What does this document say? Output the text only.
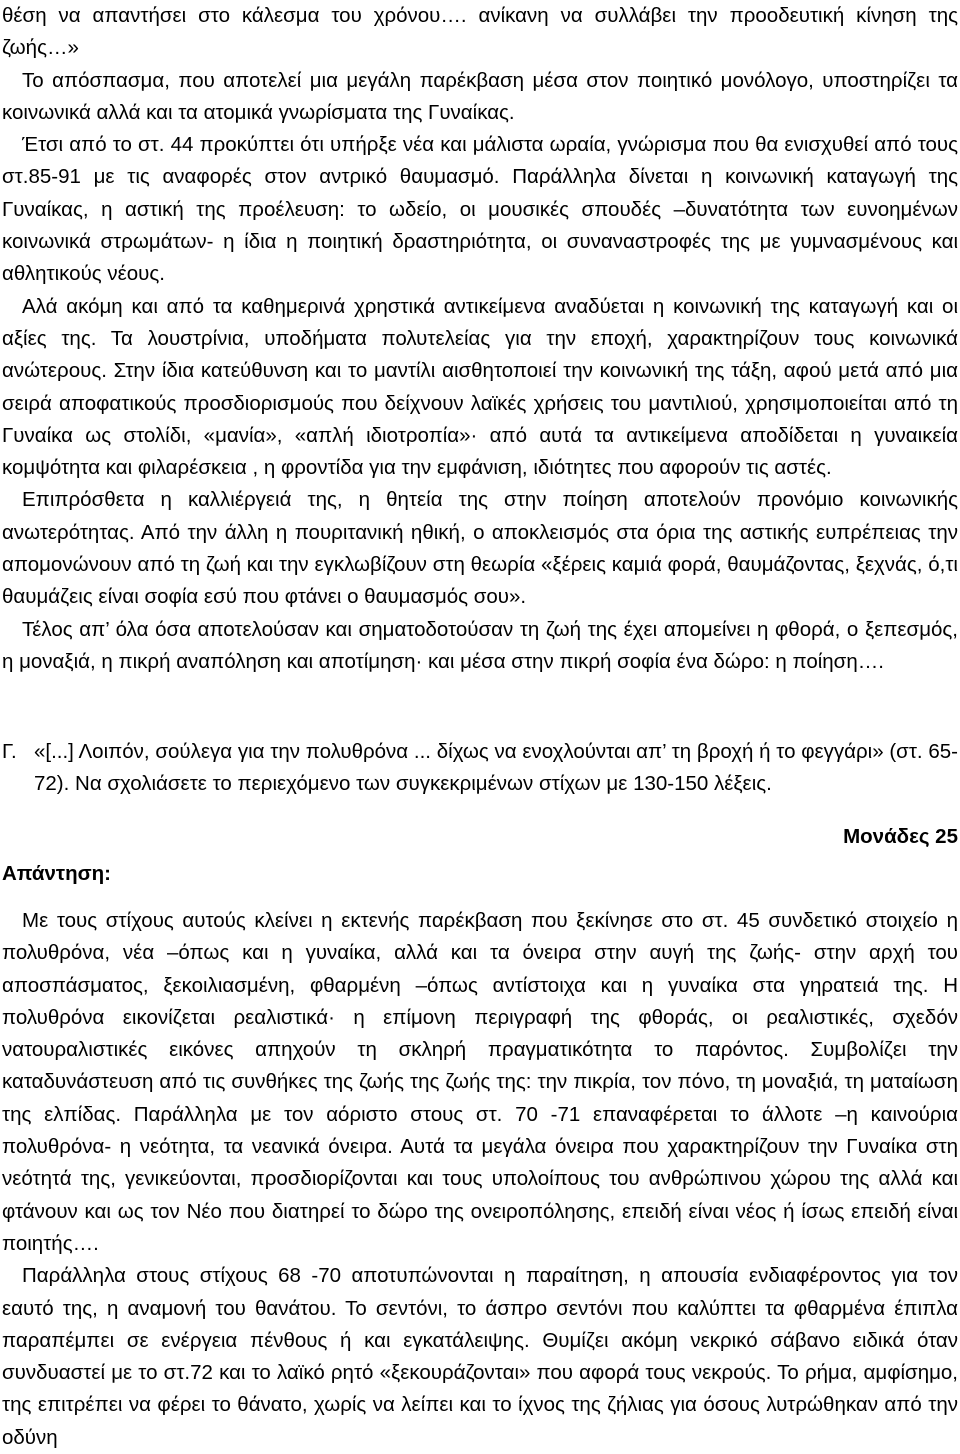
θέση να απαντήσει στο κάλεσμα του χρόνου…. ανίκανη να συλλάβει την προοδευτική κίνηση της ζωής…»

Το απόσπασμα, που αποτελεί μια μεγάλη παρέκβαση μέσα στον ποιητικό μονόλογο, υποστηρίζει τα κοινωνικά αλλά και τα ατομικά γνωρίσματα της Γυναίκας.

Έτσι από το στ. 44 προκύπτει ότι υπήρξε νέα και μάλιστα ωραία, γνώρισμα που θα ενισχυθεί από τους στ.85-91 με τις αναφορές στον αντρικό θαυμασμό. Παράλληλα δίνεται η κοινωνική καταγωγή της Γυναίκας, η αστική της προέλευση: το ωδείο, οι μουσικές σπουδές –δυνατότητα των ευνοημένων κοινωνικά στρωμάτων- η ίδια η ποιητική δραστηριότητα, οι συναναστροφές της με γυμνασμένους και αθλητικούς νέους.

Αλά ακόμη και από τα καθημερινά χρηστικά αντικείμενα αναδύεται η κοινωνική της καταγωγή και οι αξίες της. Τα λουστρίνια, υποδήματα πολυτελείας για την εποχή, χαρακτηρίζουν τους κοινωνικά ανώτερους. Στην ίδια κατεύθυνση και το μαντίλι αισθητοποιεί την κοινωνική της τάξη, αφού μετά από μια σειρά αποφατικούς προσδιορισμούς που δείχνουν λαϊκές χρήσεις του μαντιλιού, χρησιμοποιείται από τη Γυναίκα ως στολίδι, «μανία», «απλή ιδιοτροπία»· από αυτά τα αντικείμενα αποδίδεται η γυναικεία κομψότητα και φιλαρέσκεια , η φροντίδα για την εμφάνιση, ιδιότητες που αφορούν τις αστές.

Επιπρόσθετα η καλλιέργειά της, η θητεία της στην ποίηση αποτελούν προνόμιο κοινωνικής ανωτερότητας. Από την άλλη η πουριτανική ηθική, ο αποκλεισμός στα όρια της αστικής ευπρέπειας την απομονώνουν από τη ζωή και την εγκλωβίζουν στη θεωρία «ξέρεις καμιά φορά, θαυμάζοντας, ξεχνάς, ό,τι θαυμάζεις είναι σοφία εσύ που φτάνει ο θαυμασμός σου».

Τέλος απ’ όλα όσα αποτελούσαν και σηματοδοτούσαν τη ζωή της έχει απομείνει η φθορά, ο ξεπεσμός, η μοναξιά, η πικρή αναπόληση και αποτίμηση· και μέσα στην πικρή σοφία ένα δώρο: η ποίηση….

Γ. «[...] Λοιπόν, σούλεγα για την πολυθρόνα ... δίχως να ενοχλούνται απ’ τη βροχή ή το φεγγάρι» (στ. 65-72). Να σχολιάσετε το περιεχόμενο των συγκεκριμένων στίχων με 130-150 λέξεις.

Μονάδες 25
Απάντηση:

Με τους στίχους αυτούς κλείνει η εκτενής παρέκβαση που ξεκίνησε στο στ. 45 συνδετικό στοιχείο η πολυθρόνα, νέα –όπως και η γυναίκα, αλλά και τα όνειρα στην αυγή της ζωής- στην αρχή του αποσπάσματος, ξεκοιλιασμένη, φθαρμένη –όπως αντίστοιχα και η γυναίκα στα γηρατειά της. Η πολυθρόνα εικονίζεται ρεαλιστικά· η επίμονη περιγραφή της φθοράς, οι ρεαλιστικές, σχεδόν νατουραλιστικές εικόνες απηχούν τη σκληρή πραγματικότητα το παρόντος. Συμβολίζει την καταδυνάστευση από τις συνθήκες της ζωής της ζωής της: την πικρία, τον πόνο, τη μοναξιά, τη ματαίωση της ελπίδας. Παράλληλα με τον αόριστο στους στ. 70 -71 επαναφέρεται το άλλοτε –η καινούρια πολυθρόνα- η νεότητα, τα νεανικά όνειρα. Αυτά τα μεγάλα όνειρα που χαρακτηρίζουν την Γυναίκα στη νεότητά της, γενικεύονται, προσδιορίζονται και τους υπολοίπους του ανθρώπινου χώρου της αλλά και φτάνουν και ως τον Νέο που διατηρεί το δώρο της ονειροπόλησης, επειδή είναι νέος ή ίσως επειδή είναι ποιητής….

Παράλληλα στους στίχους 68 -70 αποτυπώνονται η παραίτηση, η απουσία ενδιαφέροντος για τον εαυτό της, η αναμονή του θανάτου. Το σεντόνι, το άσπρο σεντόνι που καλύπτει τα φθαρμένα έπιπλα παραπέμπει σε ενέργεια πένθους ή και εγκατάλειψης. Θυμίζει ακόμη νεκρικό σάβανο ειδικά όταν συνδυαστεί με το στ.72 και το λαϊκό ρητό «ξεκουράζονται» που αφορά τους νεκρούς. Το ρήμα, αμφίσημο, της επιτρέπει να φέρει το θάνατο, χωρίς να λείπει και το ίχνος της ζήλιας για όσους λυτρώθηκαν από την οδύνη
